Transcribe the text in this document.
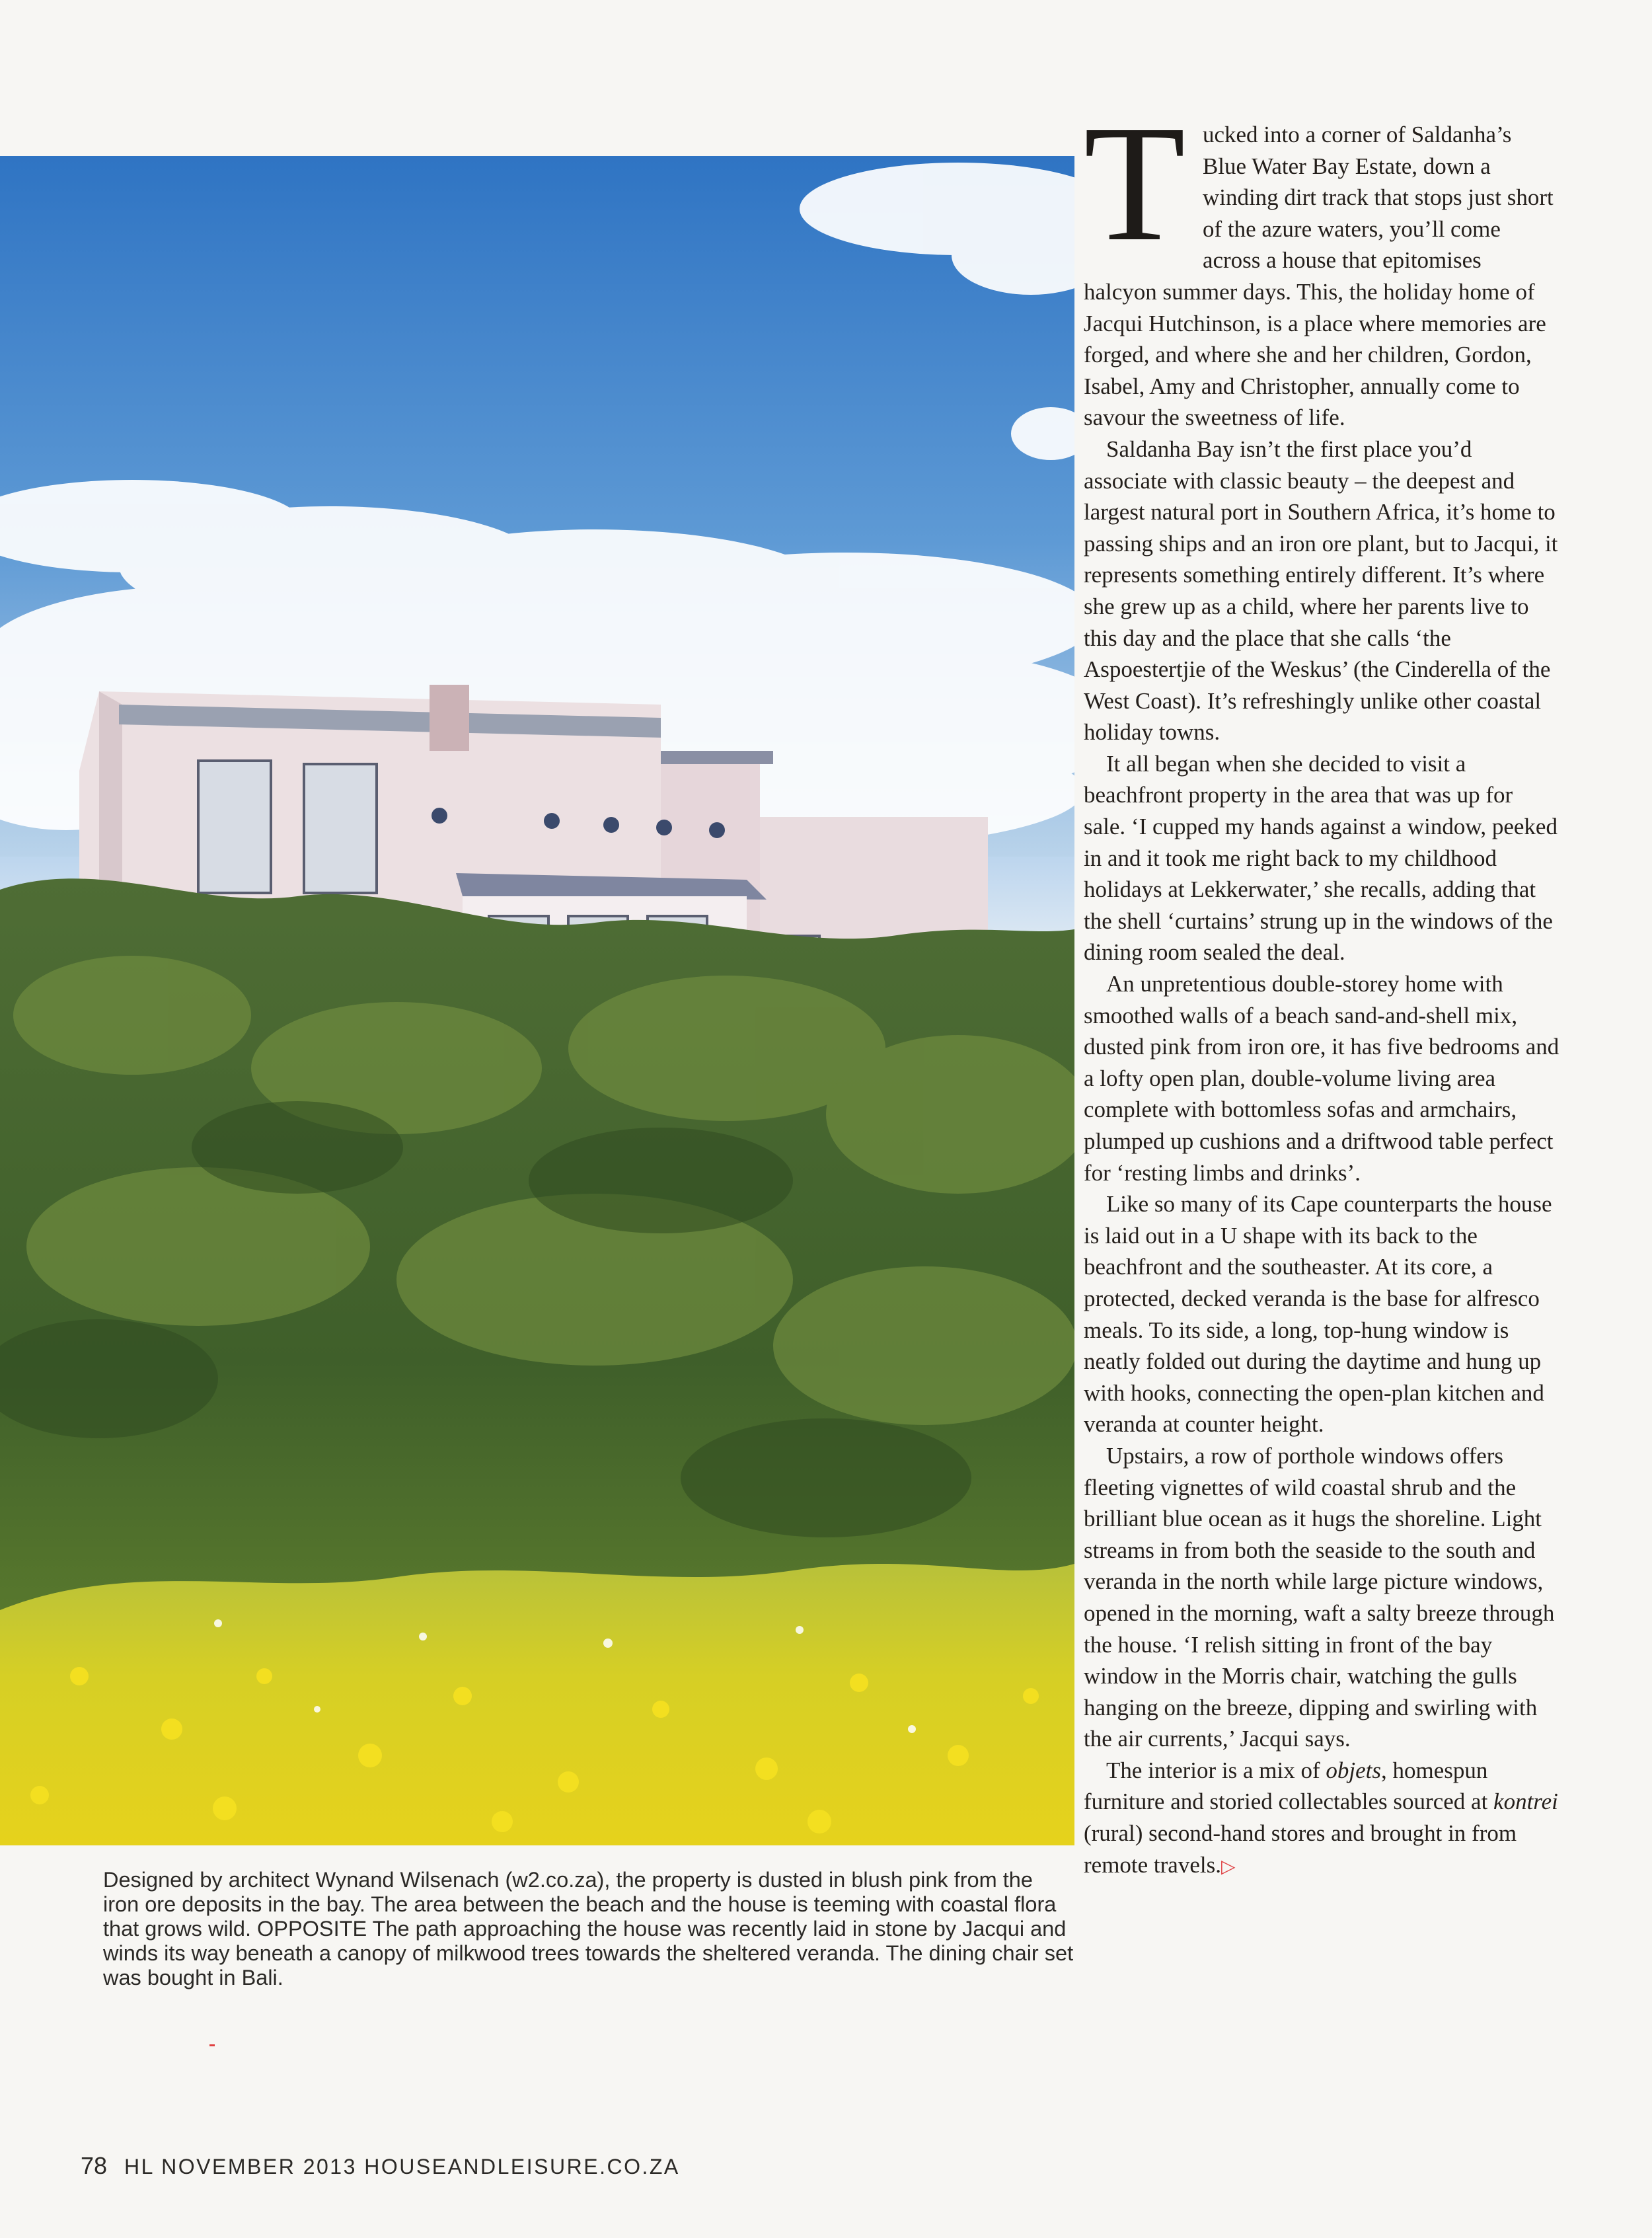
Designed by architect Wynand Wilsenach (w2.co.za), the property is dusted in blush pink from the iron ore deposits in the bay. The area between the beach and the house is teeming with coastal flora that grows wild. OPPOSITE The path approaching the house was recently laid in stone by Jacqui and winds its way beneath a canopy of milkwood trees towards the sheltered veranda. The dining chair set was bought in Bali.

Tucked into a corner of Saldanha’s Blue Water Bay Estate, down a winding dirt track that stops just short of the azure waters, you’ll come across a house that epitomises halcyon summer days. This, the holiday home of Jacqui Hutchinson, is a place where memories are forged, and where she and her children, Gordon, Isabel, Amy and Christopher, annually come to savour the sweetness of life.

Saldanha Bay isn’t the first place you’d associate with classic beauty – the deepest and largest natural port in Southern Africa, it’s home to passing ships and an iron ore plant, but to Jacqui, it represents something entirely different. It’s where she grew up as a child, where her parents live to this day and the place that she calls ‘the Aspoestertjie of the Weskus’ (the Cinderella of the West Coast). It’s refreshingly unlike other coastal holiday towns.

It all began when she decided to visit a beachfront property in the area that was up for sale. ‘I cupped my hands against a window, peeked in and it took me right back to my childhood holidays at Lekkerwater,’ she recalls, adding that the shell ‘curtains’ strung up in the windows of the dining room sealed the deal.

An unpretentious double-storey home with smoothed walls of a beach sand-and-shell mix, dusted pink from iron ore, it has five bedrooms and a lofty open plan, double-volume living area complete with bottomless sofas and armchairs, plumped up cushions and a driftwood table perfect for ‘resting limbs and drinks’.

Like so many of its Cape counterparts the house is laid out in a U shape with its back to the beachfront and the southeaster. At its core, a protected, decked veranda is the base for alfresco meals. To its side, a long, top-hung window is neatly folded out during the daytime and hung up with hooks, connecting the open-plan kitchen and veranda at counter height.

Upstairs, a row of porthole windows offers fleeting vignettes of wild coastal shrub and the brilliant blue ocean as it hugs the shoreline. Light streams in from both the seaside to the south and veranda in the north while large picture windows, opened in the morning, waft a salty breeze through the house. ‘I relish sitting in front of the bay window in the Morris chair, watching the gulls hanging on the breeze, dipping and swirling with the air currents,’ Jacqui says.

The interior is a mix of objets, homespun furniture and storied collectables sourced at kontrei (rural) second-hand stores and brought in from remote travels.▷

78 HL NOVEMBER 2013 HOUSEANDLEISURE.CO.ZA
